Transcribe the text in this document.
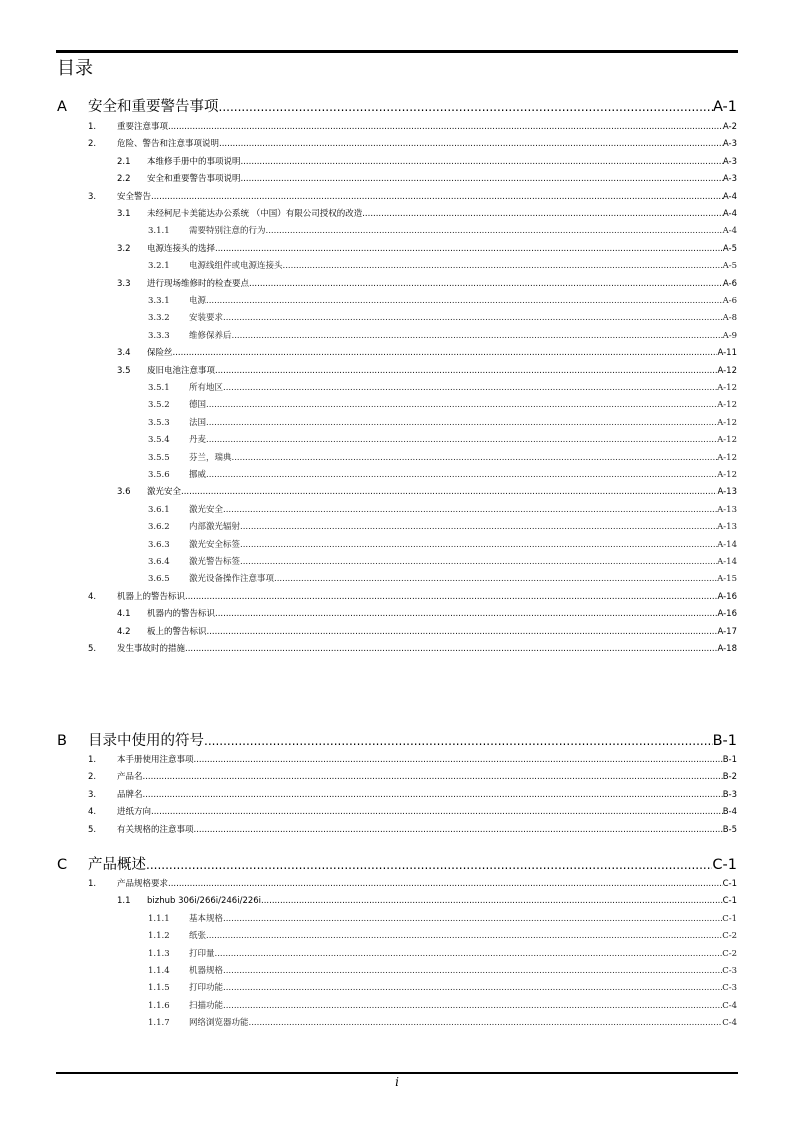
目录
A	安全和重要警告事项 .....	A-1
1.	重要注意事项 .....	A-2
2.	危险、警告和注意事项说明 .....	A-3
2.1	本维修手册中的事项说明 .....	A-3
2.2	安全和重要警告事项说明 .....	A-3
3.	安全警告 .....	A-4
3.1	未经柯尼卡美能达办公系统 （中国）有限公司授权的改造 .....	A-4
3.1.1	需要特别注意的行为 .....	A-4
3.2	电源连接头的选择 .....	A-5
3.2.1	电源线组件或电源连接头 .....	A-5
3.3	进行现场维修时的检查要点 .....	A-6
3.3.1	电源 .....	A-6
3.3.2	安装要求 .....	A-8
3.3.3	维修保养后 .....	A-9
3.4	保险丝 .....	A-11
3.5	废旧电池注意事项 .....	A-12
3.5.1	所有地区 .....	A-12
3.5.2	德国 .....	A-12
3.5.3	法国 .....	A-12
3.5.4	丹麦 .....	A-12
3.5.5	芬兰，瑞典 .....	A-12
3.5.6	挪威 .....	A-12
3.6	激光安全 .....	A-13
3.6.1	激光安全 .....	A-13
3.6.2	内部激光辐射 .....	A-13
3.6.3	激光安全标签 .....	A-14
3.6.4	激光警告标签 .....	A-14
3.6.5	激光设备操作注意事项 .....	A-15
4.	机器上的警告标识 .....	A-16
4.1	机器内的警告标识 .....	A-16
4.2	板上的警告标识 .....	A-17
5.	发生事故时的措施 .....	A-18
B	目录中使用的符号 .....	B-1
1.	本手册使用注意事项 .....	B-1
2.	产品名 .....	B-2
3.	品牌名 .....	B-3
4.	进纸方向 .....	B-4
5.	有关规格的注意事项 .....	B-5
C	产品概述 .....	C-1
1.	产品规格要求 .....	C-1
1.1	bizhub 306i/266i/246i/226i .....	C-1
1.1.1	基本规格 .....	C-1
1.1.2	纸张 .....	C-2
1.1.3	打印量 .....	C-2
1.1.4	机器规格 .....	C-3
1.1.5	打印功能 .....	C-3
1.1.6	扫描功能 .....	C-4
1.1.7	网络浏览器功能 .....	C-4
i
